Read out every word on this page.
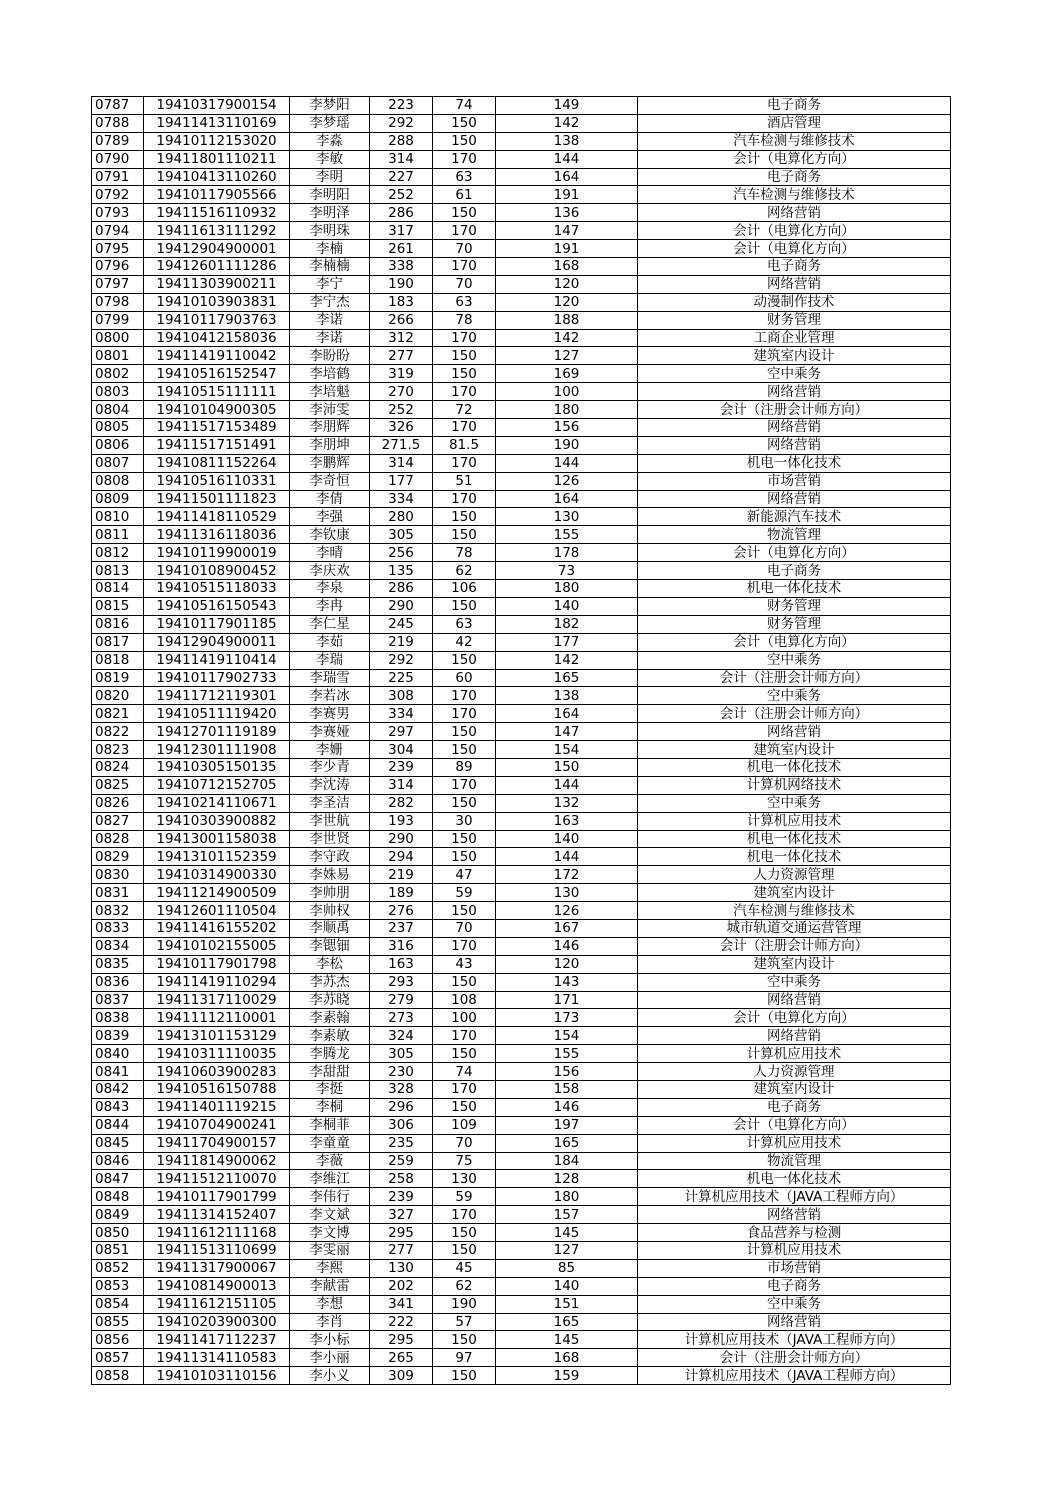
0787	19410317900154	李梦阳	223	74	149	电子商务
0788	19411413110169	李梦瑶	292	150	142	酒店管理
0789	19410112153020	李淼	288	150	138	汽车检测与维修技术
0790	19411801110211	李敏	314	170	144	会计（电算化方向）
0791	19410413110260	李明	227	63	164	电子商务
0792	19410117905566	李明阳	252	61	191	汽车检测与维修技术
0793	19411516110932	李明泽	286	150	136	网络营销
0794	19411613111292	李明珠	317	170	147	会计（电算化方向）
0795	19412904900001	李楠	261	70	191	会计（电算化方向）
0796	19412601111286	李楠楠	338	170	168	电子商务
0797	19411303900211	李宁	190	70	120	网络营销
0798	19410103903831	李宁杰	183	63	120	动漫制作技术
0799	19410117903763	李诺	266	78	188	财务管理
0800	19410412158036	李诺	312	170	142	工商企业管理
0801	19411419110042	李盼盼	277	150	127	建筑室内设计
0802	19410516152547	李培鹤	319	150	169	空中乘务
0803	19410515111111	李培魁	270	170	100	网络营销
0804	19410104900305	李沛雯	252	72	180	会计（注册会计师方向）
0805	19411517153489	李朋辉	326	170	156	网络营销
0806	19411517151491	李朋坤	271.5	81.5	190	网络营销
0807	19410811152264	李鹏辉	314	170	144	机电一体化技术
0808	19410516110331	李奇恒	177	51	126	市场营销
0809	19411501111823	李倩	334	170	164	网络营销
0810	19411418110529	李强	280	150	130	新能源汽车技术
0811	19411316118036	李钦康	305	150	155	物流管理
0812	19410119900019	李晴	256	78	178	会计（电算化方向）
0813	19410108900452	李庆欢	135	62	73	电子商务
0814	19410515118033	李泉	286	106	180	机电一体化技术
0815	19410516150543	李冉	290	150	140	财务管理
0816	19410117901185	李仁星	245	63	182	财务管理
0817	19412904900011	李茹	219	42	177	会计（电算化方向）
0818	19411419110414	李瑞	292	150	142	空中乘务
0819	19410117902733	李瑞雪	225	60	165	会计（注册会计师方向）
0820	19411712119301	李若冰	308	170	138	空中乘务
0821	19410511119420	李赛男	334	170	164	会计（注册会计师方向）
0822	19412701119189	李赛娅	297	150	147	网络营销
0823	19412301111908	李姗	304	150	154	建筑室内设计
0824	19410305150135	李少青	239	89	150	机电一体化技术
0825	19410712152705	李沈涛	314	170	144	计算机网络技术
0826	19410214110671	李圣洁	282	150	132	空中乘务
0827	19410303900882	李世航	193	30	163	计算机应用技术
0828	19413001158038	李世贤	290	150	140	机电一体化技术
0829	19413101152359	李守政	294	150	144	机电一体化技术
0830	19410314900330	李姝易	219	47	172	人力资源管理
0831	19411214900509	李帅朋	189	59	130	建筑室内设计
0832	19412601110504	李帅权	276	150	126	汽车检测与维修技术
0833	19411416155202	李顺禹	237	70	167	城市轨道交通运营管理
0834	19410102155005	李锶钿	316	170	146	会计（注册会计师方向）
0835	19410117901798	李松	163	43	120	建筑室内设计
0836	19411419110294	李苏杰	293	150	143	空中乘务
0837	19411317110029	李苏晓	279	108	171	网络营销
0838	19411112110001	李素翰	273	100	173	会计（电算化方向）
0839	19413101153129	李素敏	324	170	154	网络营销
0840	19410311110035	李腾龙	305	150	155	计算机应用技术
0841	19410603900283	李甜甜	230	74	156	人力资源管理
0842	19410516150788	李挺	328	170	158	建筑室内设计
0843	19411401119215	李桐	296	150	146	电子商务
0844	19410704900241	李桐菲	306	109	197	会计（电算化方向）
0845	19411704900157	李童童	235	70	165	计算机应用技术
0846	19411814900062	李薇	259	75	184	物流管理
0847	19411512110070	李维江	258	130	128	机电一体化技术
0848	19410117901799	李伟行	239	59	180	计算机应用技术（JAVA工程师方向）
0849	19411314152407	李文斌	327	170	157	网络营销
0850	19411612111168	李文博	295	150	145	食品营养与检测
0851	19411513110699	李雯丽	277	150	127	计算机应用技术
0852	19411317900067	李熙	130	45	85	市场营销
0853	19410814900013	李献雷	202	62	140	电子商务
0854	19411612151105	李想	341	190	151	空中乘务
0855	19410203900300	李肖	222	57	165	网络营销
0856	19411417112237	李小标	295	150	145	计算机应用技术（JAVA工程师方向）
0857	19411314110583	李小丽	265	97	168	会计（注册会计师方向）
0858	19410103110156	李小义	309	150	159	计算机应用技术（JAVA工程师方向）
